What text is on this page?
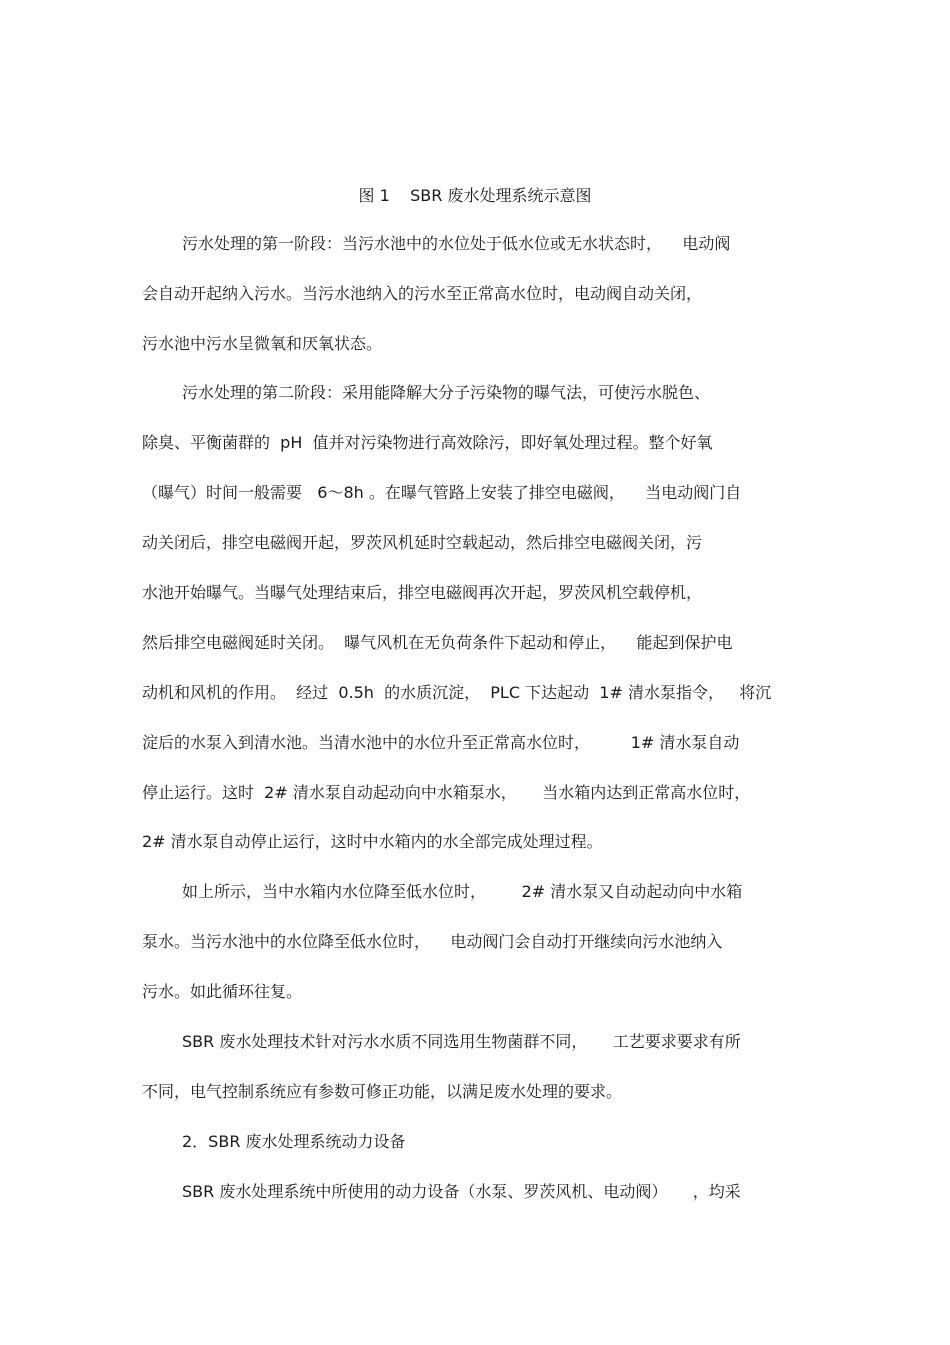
图 1    SBR 废水处理系统示意图
污水处理的第一阶段：当污水池中的水位处于低水位或无水状态时，    电动阀
会自动开起纳入污水。当污水池纳入的污水至正常高水位时，电动阀自动关闭，
污水池中污水呈微氧和厌氧状态。
污水处理的第二阶段：采用能降解大分子污染物的曝气法，可使污水脱色、
除臭、平衡菌群的  pH  值并对污染物进行高效除污，即好氧处理过程。整个好氧
（曝气）时间一般需要   6～8h 。在曝气管路上安装了排空电磁阀，    当电动阀门自
动关闭后，排空电磁阀开起，罗茨风机延时空载起动，然后排空电磁阀关闭，污
水池开始曝气。当曝气处理结束后，排空电磁阀再次开起，罗茨风机空载停机，
然后排空电磁阀延时关闭。  曝气风机在无负荷条件下起动和停止，    能起到保护电
动机和风机的作用。  经过  0.5h  的水质沉淀，  PLC 下达起动  1# 清水泵指令，   将沉
淀后的水泵入到清水池。当清水池中的水位升至正常高水位时，        1# 清水泵自动
停止运行。这时  2# 清水泵自动起动向中水箱泵水，     当水箱内达到正常高水位时，
2# 清水泵自动停止运行，这时中水箱内的水全部完成处理过程。
如上所示，当中水箱内水位降至低水位时，       2# 清水泵又自动起动向中水箱
泵水。当污水池中的水位降至低水位时，    电动阀门会自动打开继续向污水池纳入
污水。如此循环往复。
SBR 废水处理技术针对污水水质不同选用生物菌群不同，     工艺要求要求有所
不同，电气控制系统应有参数可修正功能，以满足废水处理的要求。
2．SBR 废水处理系统动力设备
SBR 废水处理系统中所使用的动力设备（水泵、罗茨风机、电动阀）     ，均采
